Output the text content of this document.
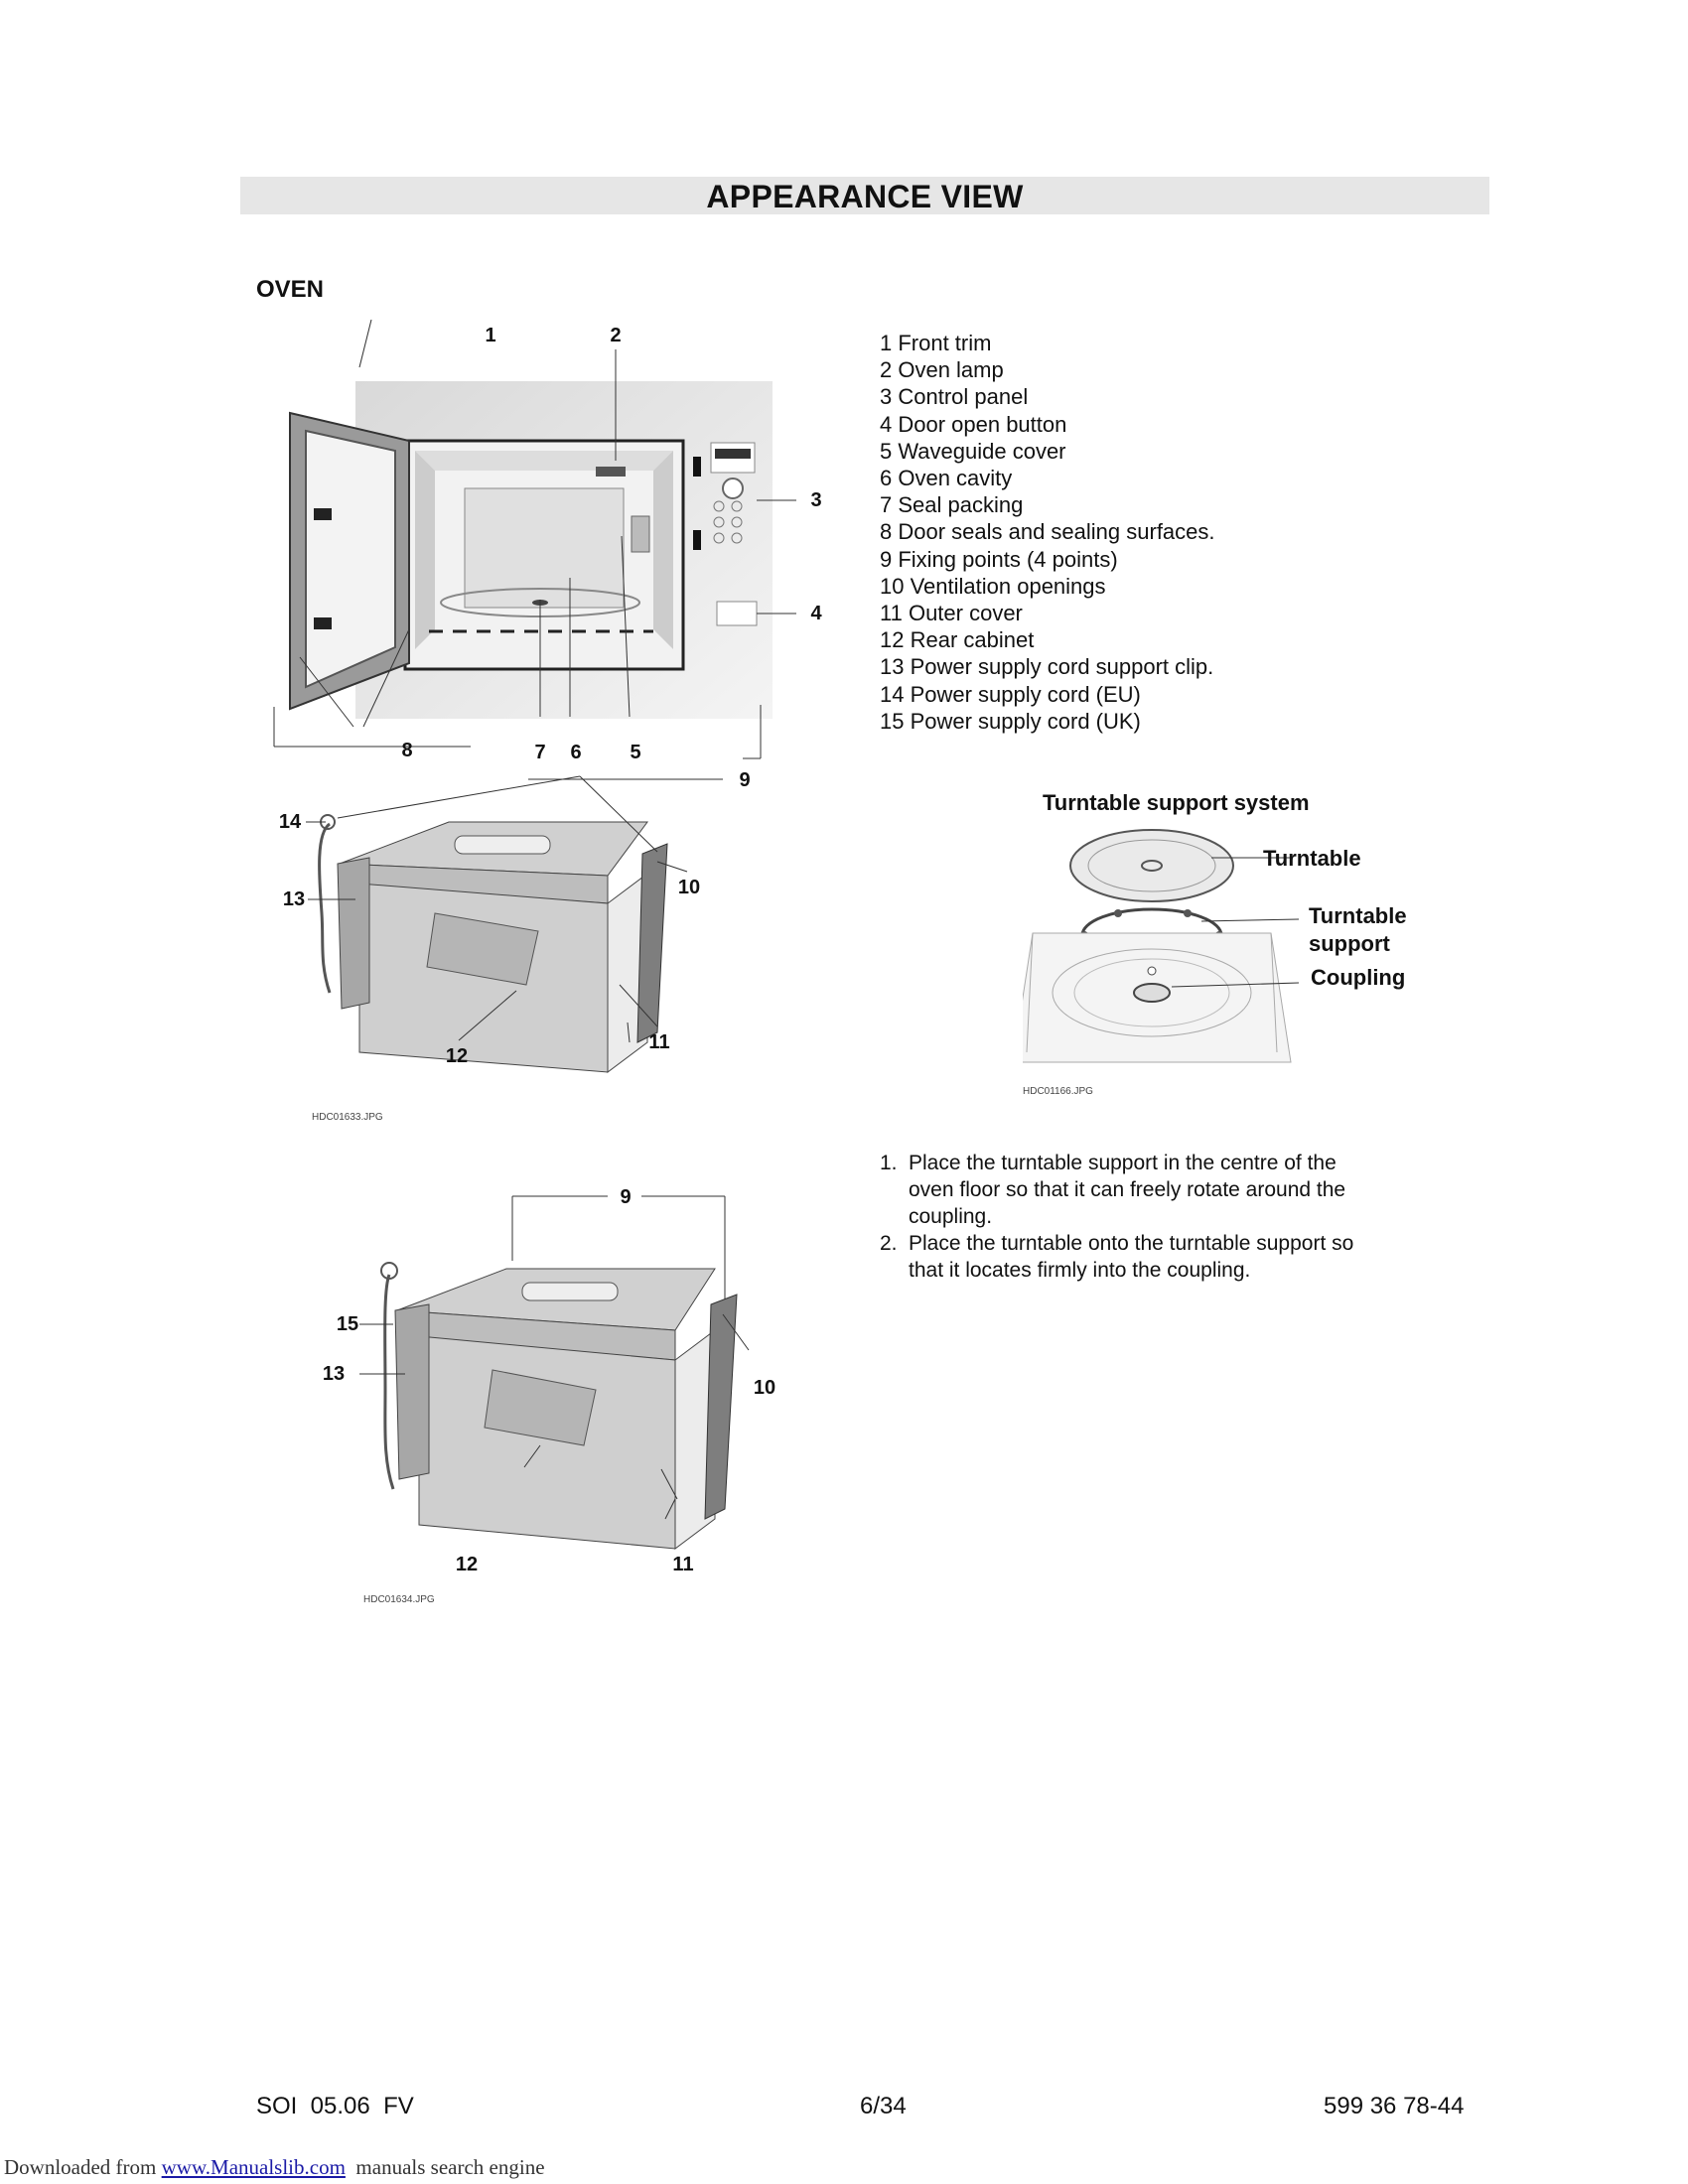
APPEARANCE VIEW
OVEN
1	2
3
4
5
6
7
8
9
14
13
10
11
12
HDC01633.JPG
9
15
13
10
11
12
HDC01634.JPG
1 Front trim
2 Oven lamp
3 Control panel
4 Door open button
5 Waveguide cover
6 Oven cavity
7 Seal packing
8 Door seals and sealing surfaces.
9 Fixing points (4 points)
10 Ventilation openings
11 Outer cover
12 Rear cabinet
13 Power supply cord support clip.
14 Power supply cord (EU)
15 Power supply cord (UK)
Turntable support system
Turntable
Turntable
support
Coupling
HDC01166.JPG
1. Place the turntable support in the centre of the
oven floor so that it can freely rotate around the
coupling.
2. Place the turntable onto the turntable support so
that it locates firmly into the coupling.
SOI  05.06  FV	6/34	599 36 78-44
Downloaded from www.Manualslib.com  manuals search engine
